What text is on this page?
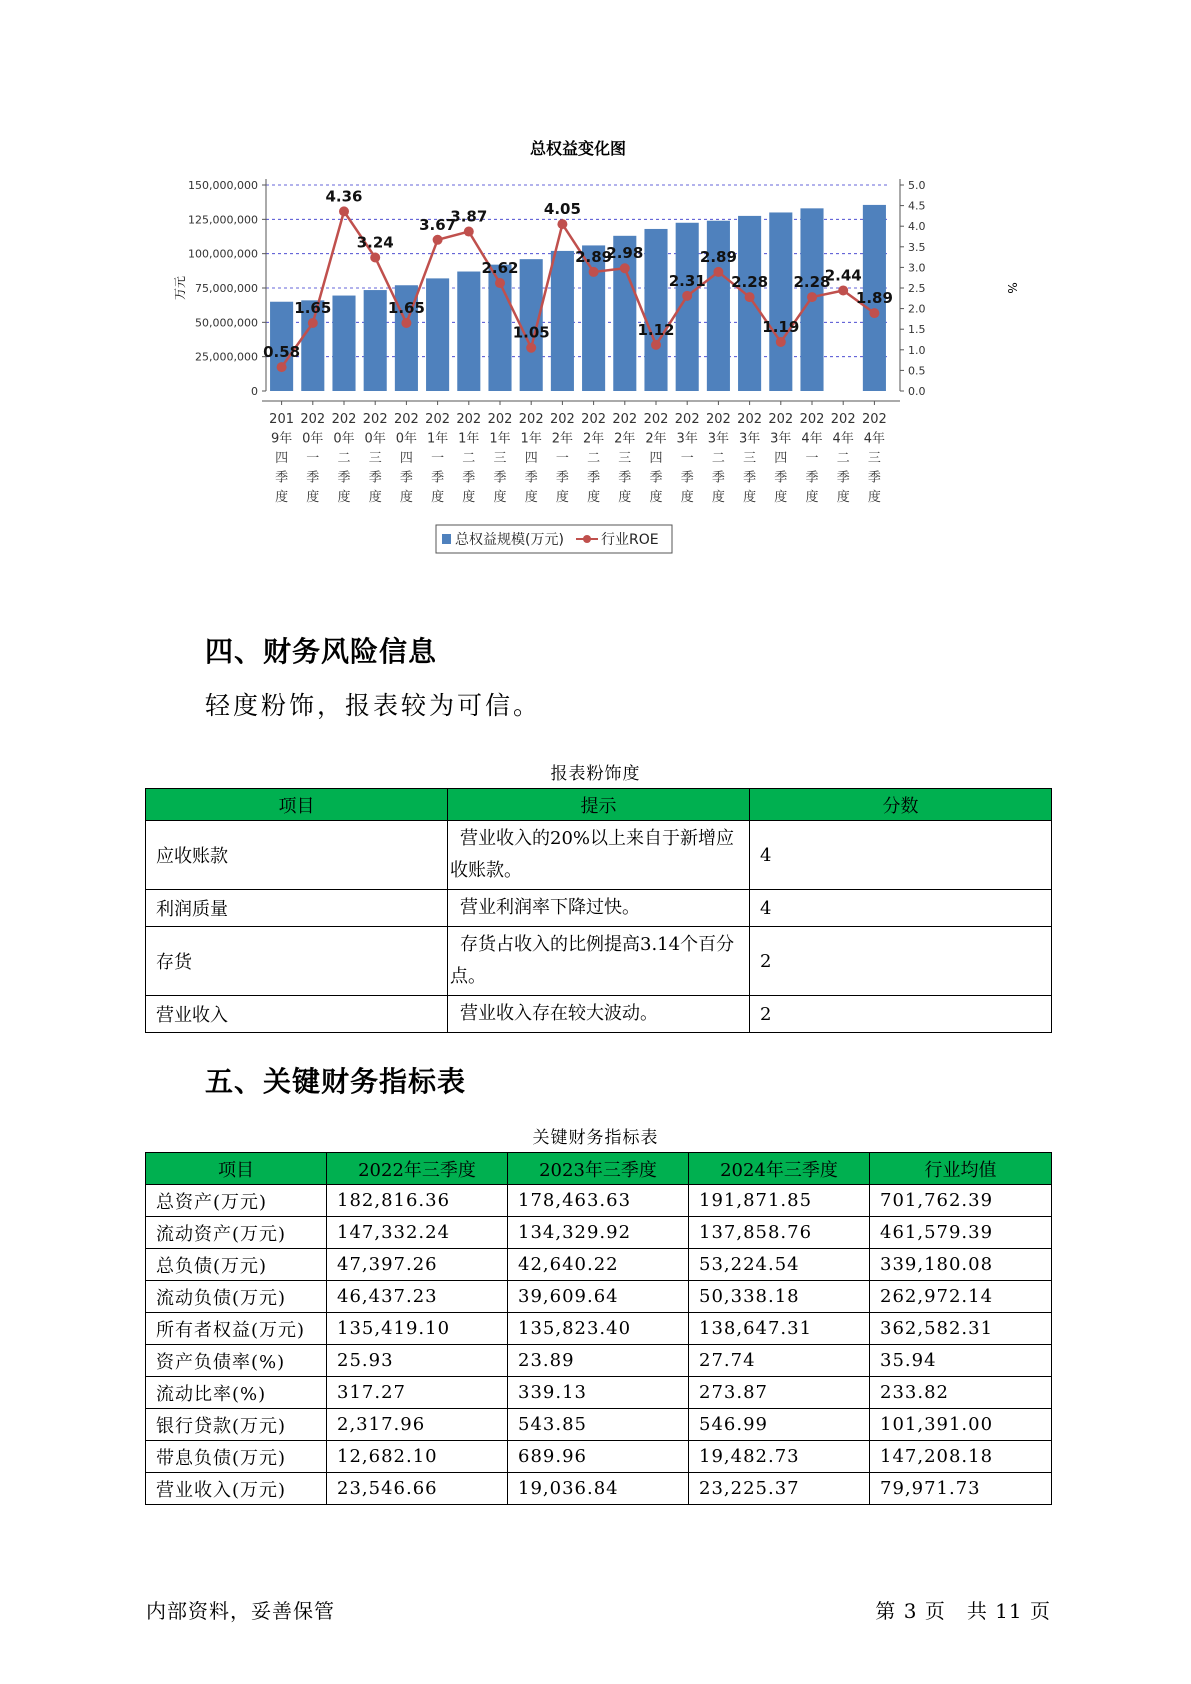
总权益变化图
0
25,000,000
50,000,000
75,000,000
100,000,000
125,000,000
150,000,000
0.0
0.5
1.0
1.5
2.0
2.5
3.0
3.5
4.0
4.5
5.0
万元	%
201 9年四季度
202 0年一季度
202 0年二季度
202 0年三季度
202 0年四季度
202 1年一季度
202 1年二季度
202 1年三季度
202 1年四季度
202 2年一季度
202 2年二季度
202 2年三季度
202 2年四季度
202 3年一季度
202 3年二季度
202 3年三季度
202 3年四季度
202 4年一季度
202 4年二季度
202 4年三季度
0.58
1.65
4.36
3.24
1.65
3.67
3.87
2.62
1.05
4.05
2.89
2.98
1.12
2.31
2.89
2.28
1.19
2.28
2.44
1.89
总权益规模(万元)	行业ROE
四、财务风险信息
轻度粉饰，报表较为可信。
报表粉饰度
项目	提示	分数
应收账款	营业收入的20%以上来自于新增应收账款。	4
利润质量	营业利润率下降过快。	4
存货	存货占收入的比例提高3.14个百分点。	2
营业收入	营业收入存在较大波动。	2
五、关键财务指标表
关键财务指标表
项目	2022年三季度	2023年三季度	2024年三季度	行业均值
总资产(万元)	182,816.36	178,463.63	191,871.85	701,762.39
流动资产(万元)	147,332.24	134,329.92	137,858.76	461,579.39
总负债(万元)	47,397.26	42,640.22	53,224.54	339,180.08
流动负债(万元)	46,437.23	39,609.64	50,338.18	262,972.14
所有者权益(万元)	135,419.10	135,823.40	138,647.31	362,582.31
资产负债率(%)	25.93	23.89	27.74	35.94
流动比率(%)	317.27	339.13	273.87	233.82
银行贷款(万元)	2,317.96	543.85	546.99	101,391.00
带息负债(万元)	12,682.10	689.96	19,482.73	147,208.18
营业收入(万元)	23,546.66	19,036.84	23,225.37	79,971.73
内部资料，妥善保管	第 3 页　共 11 页
